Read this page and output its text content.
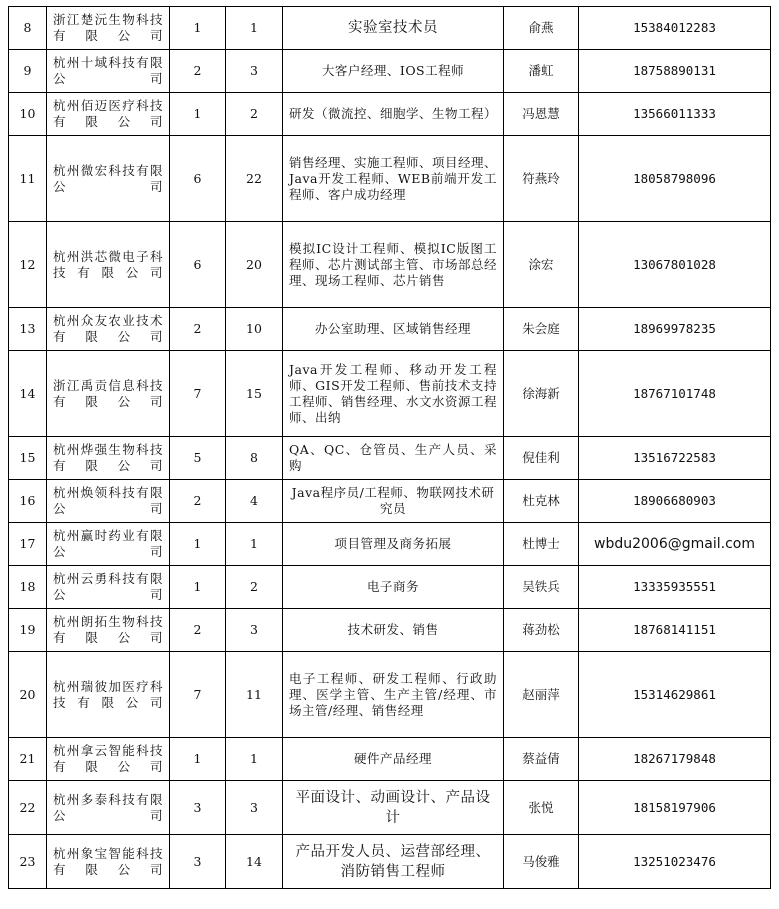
8	浙江楚沅生物科技有限公司	1	1	实验室技术员	俞燕	15384012283
9	杭州十域科技有限公司	2	3	大客户经理、IOS工程师	潘虹	18758890131
10	杭州佰迈医疗科技有限公司	1	2	研发（微流控、细胞学、生物工程）	冯恩慧	13566011333
11	杭州微宏科技有限公司	6	22	销售经理、实施工程师、项目经理、Java开发工程师、WEB前端开发工程师、客户成功经理	符燕玲	18058798096
12	杭州洪芯微电子科技有限公司	6	20	模拟IC设计工程师、模拟IC版图工程师、芯片测试部主管、市场部总经理、现场工程师、芯片销售	涂宏	13067801028
13	杭州众友农业技术有限公司	2	10	办公室助理、区域销售经理	朱会庭	18969978235
14	浙江禹贡信息科技有限公司	7	15	Java开发工程师、移动开发工程师、GIS开发工程师、售前技术支持工程师、销售经理、水文水资源工程师、出纳	徐海新	18767101748
15	杭州烨强生物科技有限公司	5	8	QA、QC、仓管员、生产人员、采购	倪佳利	13516722583
16	杭州焕领科技有限公司	2	4	Java程序员/工程师、物联网技术研究员	杜克林	18906680903
17	杭州赢时药业有限公司	1	1	项目管理及商务拓展	杜博士	wbdu2006@gmail.com
18	杭州云勇科技有限公司	1	2	电子商务	吴铁兵	13335935551
19	杭州朗拓生物科技有限公司	2	3	技术研发、销售	蒋劲松	18768141151
20	杭州瑞彼加医疗科技有限公司	7	11	电子工程师、研发工程师、行政助理、医学主管、生产主管/经理、市场主管/经理、销售经理	赵丽萍	15314629861
21	杭州拿云智能科技有限公司	1	1	硬件产品经理	蔡益倩	18267179848
22	杭州多泰科技有限公司	3	3	平面设计、动画设计、产品设计	张悦	18158197906
23	杭州象宝智能科技有限公司	3	14	产品开发人员、运营部经理、消防销售工程师	马俊雅	13251023476
